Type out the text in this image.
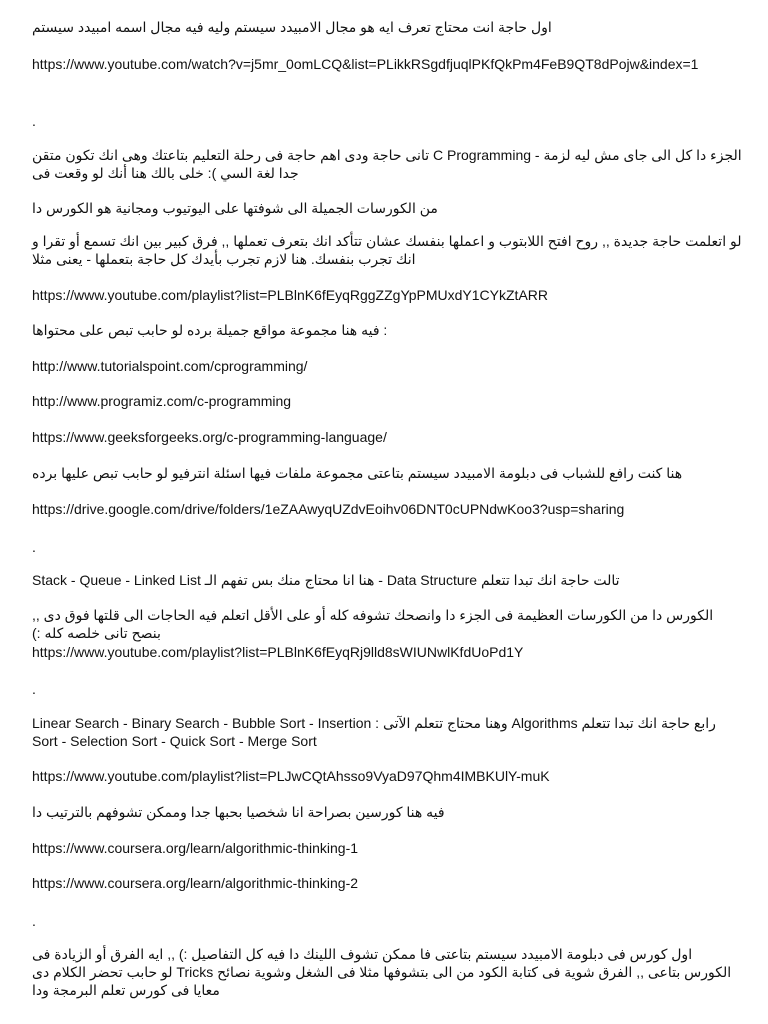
اول حاجة انت محتاج تعرف ايه هو مجال الامبيدد سيستم وليه فيه مجال اسمه امبيدد سيستم
https://www.youtube.com/watch?v=j5mr_0omLCQ&list=PLikkRSgdfjuqlPKfQkPm4FeB9QT8dPojw&index=1
.
الجزء دا كل الى جاى مش ليه لزمة - C Programming تانى حاجة ودى اهم حاجة فى رحلة التعليم بتاعتك وهى انك تكون متقن جدا لغة السي ): خلى بالك هنا أنك لو وقعت فى
من الكورسات الجميلة الى شوفتها على اليوتيوب ومجانية هو الكورس دا
لو اتعلمت حاجة جديدة ,, روح افتح اللابتوب و اعملها بنفسك عشان تتأكد انك بتعرف تعملها ,, فرق كبير بين انك تسمع أو تقرا و انك تجرب بنفسك. هنا لازم تجرب بأيدك كل حاجة بتعملها - يعنى مثلا
https://www.youtube.com/playlist?list=PLBlnK6fEyqRggZZgYpPMUxdY1CYkZtARR
: فيه هنا مجموعة مواقع جميلة برده لو حابب تبص على محتواها
http://www.tutorialspoint.com/cprogramming/
http://www.programiz.com/c-programming
https://www.geeksforgeeks.org/c-programming-language/
هنا كنت رافع للشباب فى دبلومة الامبيدد سيستم بتاعتى مجموعة ملفات فيها اسئلة انترفيو لو حابب تبص عليها برده
https://drive.google.com/drive/folders/1eZAAwyqUZdvEoihv06DNT0cUPNdwKoo3?usp=sharing
.
تالت حاجة انك تبدا تتعلم Data Structure - هنا انا محتاج منك بس تفهم الـ Stack - Queue - Linked List
الكورس دا من الكورسات العظيمة فى الجزء دا وانصحك تشوفه كله أو على الأقل اتعلم فيه الحاجات الى قلتها فوق دى ,, بنصح تانى خلصه كله :)
https://www.youtube.com/playlist?list=PLBlnK6fEyqRj9lld8sWIUNwlKfdUoPd1Y
.
رابع حاجة انك تبدا تتعلم Algorithms وهنا محتاج تتعلم الآتى : Linear Search - Binary Search - Bubble Sort - Insertion Sort - Selection Sort - Quick Sort - Merge Sort
https://www.youtube.com/playlist?list=PLJwCQtAhsso9VyaD97Qhm4IMBKUlY-muK
فيه هنا كورسين بصراحة انا شخصيا بحبها جدا وممكن تشوفهم بالترتيب دا
https://www.coursera.org/learn/algorithmic-thinking-1
https://www.coursera.org/learn/algorithmic-thinking-2
.
اول كورس فى دبلومة الامبيدد سيستم بتاعتى فا ممكن تشوف اللينك دا فيه كل التفاصيل :) ,, ايه الفرق أو الزيادة فى الكورس بتاعى ,, الفرق شوية فى كتابة الكود من الى بتشوفها مثلا فى الشغل وشوية نصائح Tricks لو حابب تحضر الكلام دى معايا فى كورس تعلم البرمجة ودا
